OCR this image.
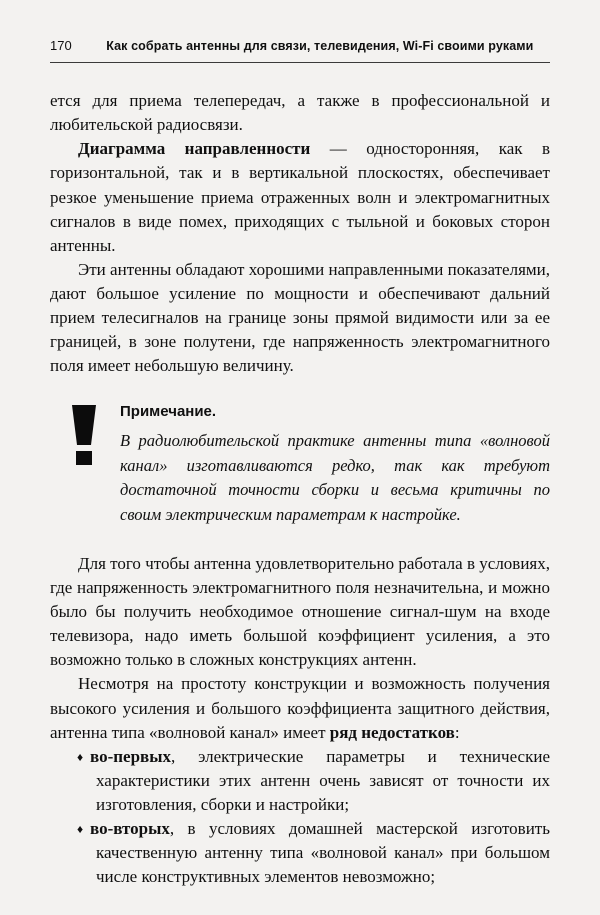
170	Как собрать антенны для связи, телевидения, Wi-Fi своими руками

ется для приема телепередач, а также в профессиональной и любительской радиосвязи.

Диаграмма направленности — односторонняя, как в горизонтальной, так и в вертикальной плоскостях, обеспечивает резкое уменьшение приема отраженных волн и электромагнитных сигналов в виде помех, приходящих с тыльной и боковых сторон антенны.

Эти антенны обладают хорошими направленными показателями, дают большое усиление по мощности и обеспечивают дальний прием телесигналов на границе зоны прямой видимости или за ее границей, в зоне полутени, где напряженность электромагнитного поля имеет небольшую величину.

Примечание.
В радиолюбительской практике антенны типа «волновой канал» изготавливаются редко, так как требуют достаточной точности сборки и весьма критичны по своим электрическим параметрам к настройке.

Для того чтобы антенна удовлетворительно работала в условиях, где напряженность электромагнитного поля незначительна, и можно было бы получить необходимое отношение сигнал-шум на входе телевизора, надо иметь большой коэффициент усиления, а это возможно только в сложных конструкциях антенн.

Несмотря на простоту конструкции и возможность получения высокого усиления и большого коэффициента защитного действия, антенна типа «волновой канал» имеет ряд недостатков:

♦ во-первых, электрические параметры и технические характеристики этих антенн очень зависят от точности их изготовления, сборки и настройки;
♦ во-вторых, в условиях домашней мастерской изготовить качественную антенну типа «волновой канал» при большом числе конструктивных элементов невозможно;
